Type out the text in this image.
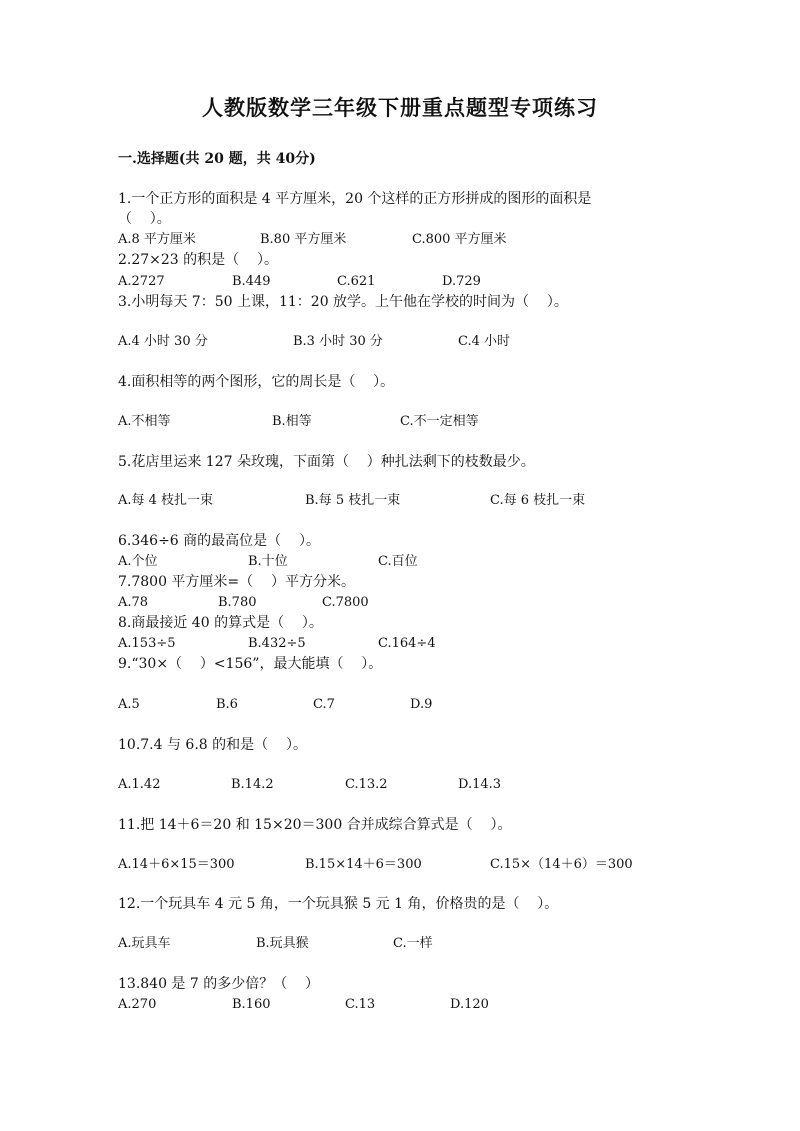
人教版数学三年级下册重点题型专项练习
一.选择题(共 20 题，共 40分)
1.一个正方形的面积是 4 平方厘米，20 个这样的正方形拼成的图形的面积是
（    ）。
A.8 平方厘米	B.80 平方厘米	C.800 平方厘米
2.27×23 的积是（    ）。
A.2727	B.449	C.621	D.729
3.小明每天 7：50 上课，11：20 放学。上午他在学校的时间为（    ）。
A.4 小时 30 分	B.3 小时 30 分	C.4 小时
4.面积相等的两个图形，它的周长是（    ）。
A.不相等	B.相等	C.不一定相等
5.花店里运来 127 朵玫瑰，下面第（    ）种扎法剩下的枝数最少。
A.每 4 枝扎一束	B.每 5 枝扎一束	C.每 6 枝扎一束
6.346÷6 商的最高位是（    ）。
A.个位	B.十位	C.百位
7.7800 平方厘米=（    ）平方分米。
A.78	B.780	C.7800
8.商最接近 40 的算式是（    ）。
A.153÷5	B.432÷5	C.164÷4
9.“30×（    ）<156”，最大能填（    ）。
A.5	B.6	C.7	D.9
10.7.4 与 6.8 的和是（    ）。
A.1.42	B.14.2	C.13.2	D.14.3
11.把 14＋6＝20 和 15×20＝300 合并成综合算式是（    ）。
A.14＋6×15＝300	B.15×14＋6＝300	C.15×（14＋6）＝300
12.一个玩具车 4 元 5 角，一个玩具猴 5 元 1 角，价格贵的是（    ）。
A.玩具车	B.玩具猴	C.一样
13.840 是 7 的多少倍？（    ）
A.270	B.160	C.13	D.120
